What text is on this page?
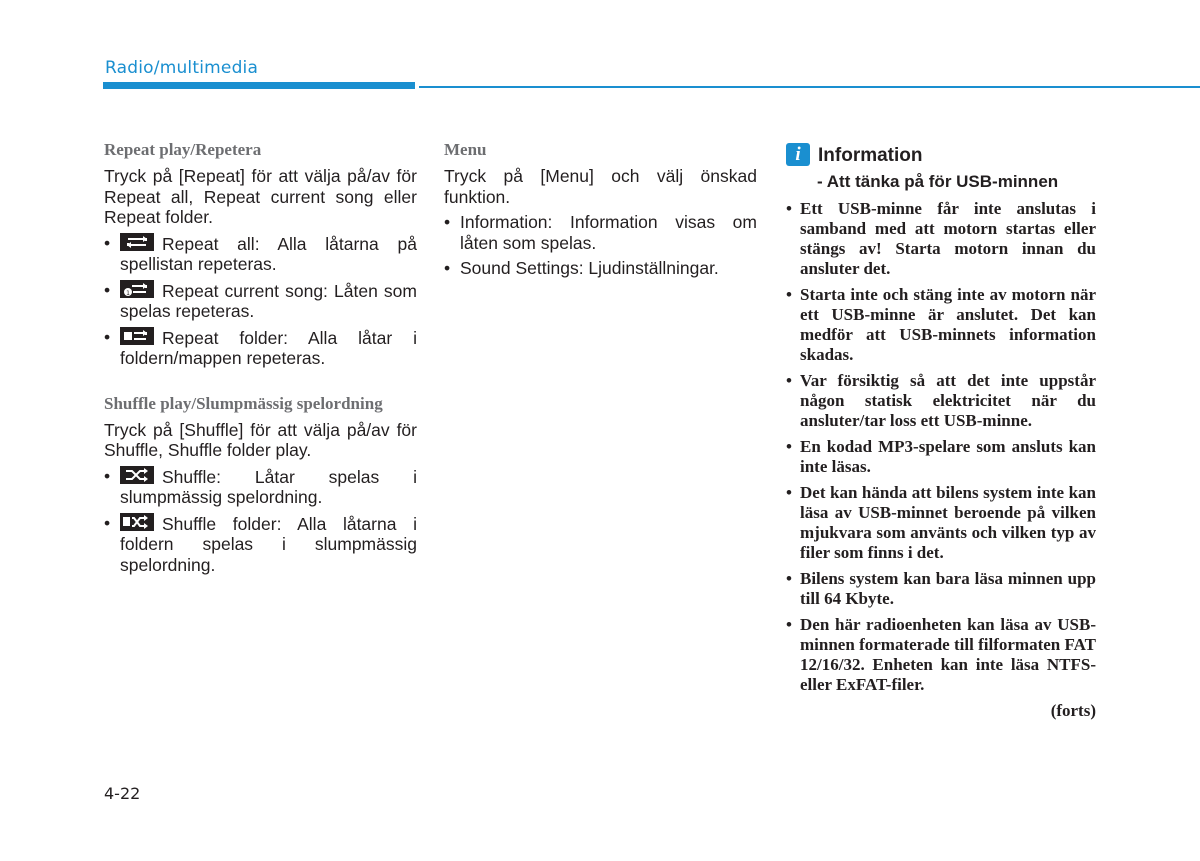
Radio/multimedia
Repeat play/Repetera
Tryck på [Repeat] för att välja på/av för Repeat all, Repeat current song eller Repeat folder.
•	Repeat all: Alla låtarna på spellistan repeteras.
•	1 Repeat current song: Låten som spelas repeteras.
•	Repeat folder: Alla låtar i foldern/mappen repeteras.
Shuffle play/Slumpmässig spelordning
Tryck på [Shuffle] för att välja på/av för Shuffle, Shuffle folder play.
•	Shuffle: Låtar spelas i slumpmässig spelordning.
•	Shuffle folder: Alla låtarna i foldern spelas i slumpmässig spelordning.
Menu
Tryck på [Menu] och välj önskad funktion.
• Information: Information visas om låten som spelas.
• Sound Settings: Ljudinställningar.
i Information
- Att tänka på för USB-minnen
• Ett USB-minne får inte anslutas i samband med att motorn startas eller stängs av! Starta motorn innan du ansluter det.
• Starta inte och stäng inte av motorn när ett USB-minne är anslutet. Det kan medför att USB-minnets information skadas.
• Var försiktig så att det inte uppstår någon statisk elektricitet när du ansluter/tar loss ett USB-minne.
• En kodad MP3-spelare som ansluts kan inte läsas.
• Det kan hända att bilens system inte kan läsa av USB-minnet beroende på vilken mjukvara som använts och vilken typ av filer som finns i det.
• Bilens system kan bara läsa minnen upp till 64 Kbyte.
• Den här radioenheten kan läsa av USB-minnen formaterade till filformaten FAT 12/16/32. Enheten kan inte läsa NTFS- eller ExFAT-filer.
(forts)
4-22
